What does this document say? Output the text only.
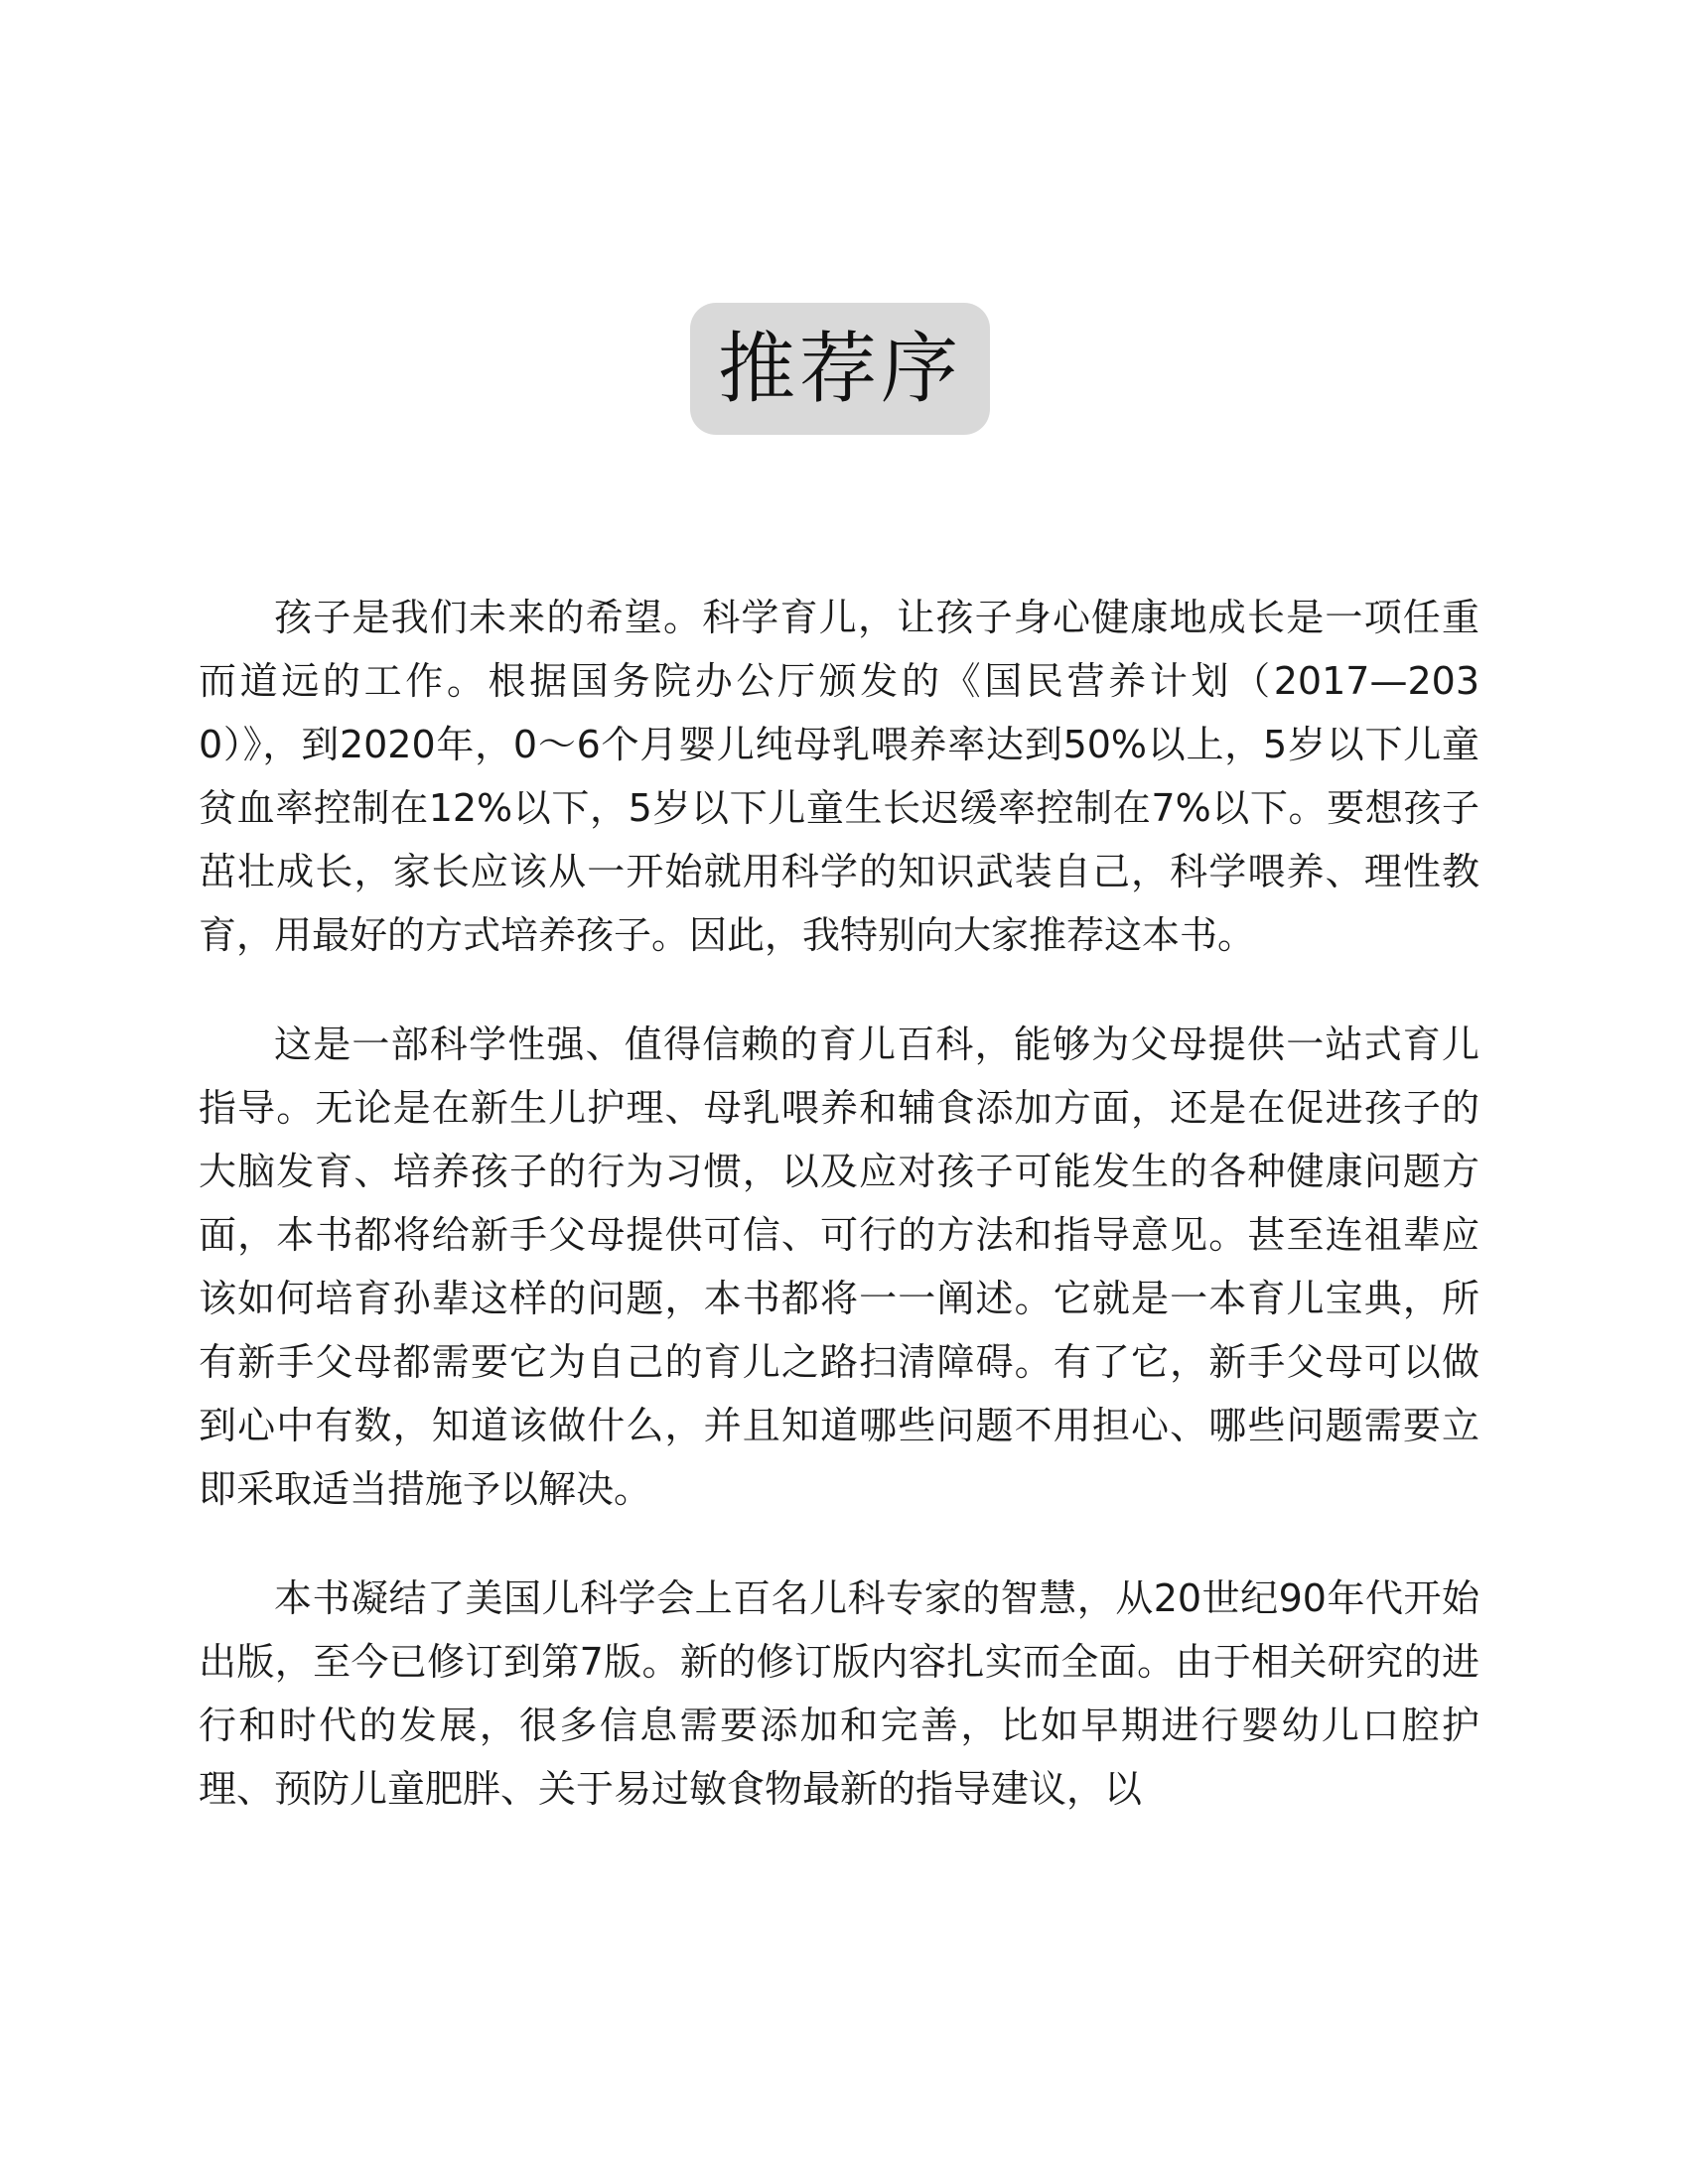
推荐序

孩子是我们未来的希望。科学育儿，让孩子身心健康地成长是一项任重而道远的工作。根据国务院办公厅颁发的《国民营养计划（2017—2030）》，到2020年，0～6个月婴儿纯母乳喂养率达到50%以上，5岁以下儿童贫血率控制在12%以下，5岁以下儿童生长迟缓率控制在7%以下。要想孩子茁壮成长，家长应该从一开始就用科学的知识武装自己，科学喂养、理性教育，用最好的方式培养孩子。因此，我特别向大家推荐这本书。

这是一部科学性强、值得信赖的育儿百科，能够为父母提供一站式育儿指导。无论是在新生儿护理、母乳喂养和辅食添加方面，还是在促进孩子的大脑发育、培养孩子的行为习惯，以及应对孩子可能发生的各种健康问题方面，本书都将给新手父母提供可信、可行的方法和指导意见。甚至连祖辈应该如何培育孙辈这样的问题，本书都将一一阐述。它就是一本育儿宝典，所有新手父母都需要它为自己的育儿之路扫清障碍。有了它，新手父母可以做到心中有数，知道该做什么，并且知道哪些问题不用担心、哪些问题需要立即采取适当措施予以解决。

本书凝结了美国儿科学会上百名儿科专家的智慧，从20世纪90年代开始出版，至今已修订到第7版。新的修订版内容扎实而全面。由于相关研究的进行和时代的发展，很多信息需要添加和完善，比如早期进行婴幼儿口腔护理、预防儿童肥胖、关于易过敏食物最新的指导建议，以
